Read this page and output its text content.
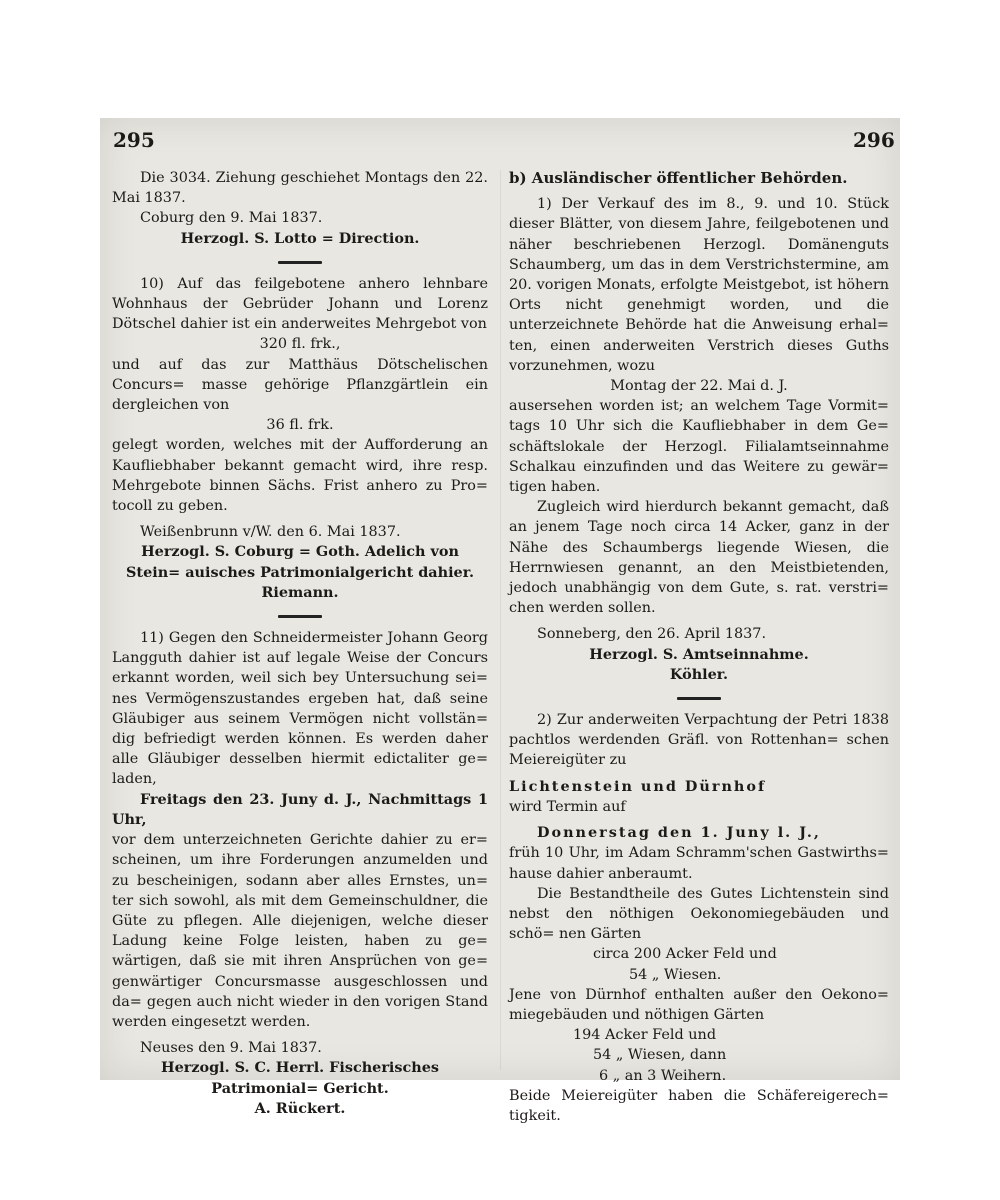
295	296

Die 3034. Ziehung geschiehet Montags den 22. Mai 1837.

Coburg den 9. Mai 1837.

Herzogl. S. Lotto = Direction.

10) Auf das feilgebotene anhero lehnbare Wohnhaus der Gebrüder Johann und Lorenz Dötschel dahier ist ein anderweites Mehrgebot von

320 fl. frk.,

und auf das zur Matthäus Dötschelischen Concurs= masse gehörige Pflanzgärtlein ein dergleichen von

36 fl. frk.

gelegt worden, welches mit der Aufforderung an Kaufliebhaber bekannt gemacht wird, ihre resp. Mehrgebote binnen Sächs. Frist anhero zu Pro= tocoll zu geben.

Weißenbrunn v/W. den 6. Mai 1837.

Herzogl. S. Coburg = Goth. Adelich von Stein= auisches Patrimonialgericht dahier.

Riemann.

11) Gegen den Schneidermeister Johann Georg Langguth dahier ist auf legale Weise der Concurs erkannt worden, weil sich bey Untersuchung sei= nes Vermögenszustandes ergeben hat, daß seine Gläubiger aus seinem Vermögen nicht vollstän= dig befriedigt werden können. Es werden daher alle Gläubiger desselben hiermit edictaliter ge= laden,

Freitags den 23. Juny d. J., Nachmittags 1 Uhr,

vor dem unterzeichneten Gerichte dahier zu er= scheinen, um ihre Forderungen anzumelden und zu bescheinigen, sodann aber alles Ernstes, un= ter sich sowohl, als mit dem Gemeinschuldner, die Güte zu pflegen. Alle diejenigen, welche dieser Ladung keine Folge leisten, haben zu ge= wärtigen, daß sie mit ihren Ansprüchen von ge= genwärtiger Concursmasse ausgeschlossen und da= gegen auch nicht wieder in den vorigen Stand werden eingesetzt werden.

Neuses den 9. Mai 1837.

Herzogl. S. C. Herrl. Fischerisches Patrimonial= Gericht.

A. Rückert.

b) Ausländischer öffentlicher Behörden.

1) Der Verkauf des im 8., 9. und 10. Stück dieser Blätter, von diesem Jahre, feilgebotenen und näher beschriebenen Herzogl. Domänenguts Schaumberg, um das in dem Verstrichstermine, am 20. vorigen Monats, erfolgte Meistgebot, ist höhern Orts nicht genehmigt worden, und die unterzeichnete Behörde hat die Anweisung erhal= ten, einen anderweiten Verstrich dieses Guths vorzunehmen, wozu

Montag der 22. Mai d. J.

ausersehen worden ist; an welchem Tage Vormit= tags 10 Uhr sich die Kaufliebhaber in dem Ge= schäftslokale der Herzogl. Filialamtseinnahme Schalkau einzufinden und das Weitere zu gewär= tigen haben.

Zugleich wird hierdurch bekannt gemacht, daß an jenem Tage noch circa 14 Acker, ganz in der Nähe des Schaumbergs liegende Wiesen, die Herrnwiesen genannt, an den Meistbietenden, jedoch unabhängig von dem Gute, s. rat. verstri= chen werden sollen.

Sonneberg, den 26. April 1837.

Herzogl. S. Amtseinnahme.

Köhler.

2) Zur anderweiten Verpachtung der Petri 1838 pachtlos werdenden Gräfl. von Rottenhan= schen Meiereigüter zu

Lichtenstein und Dürnhof

wird Termin auf

Donnerstag den 1. Juny l. J.,

früh 10 Uhr, im Adam Schramm'schen Gastwirths= hause dahier anberaumt.

Die Bestandtheile des Gutes Lichtenstein sind nebst den nöthigen Oekonomiegebäuden und schö= nen Gärten

circa 200 Acker Feld und

54 „ Wiesen.

Jene von Dürnhof enthalten außer den Oekono= miegebäuden und nöthigen Gärten

194 Acker Feld und

54 „ Wiesen, dann

6 „ an 3 Weihern.

Beide Meiereigüter haben die Schäfereigerech= tigkeit.
